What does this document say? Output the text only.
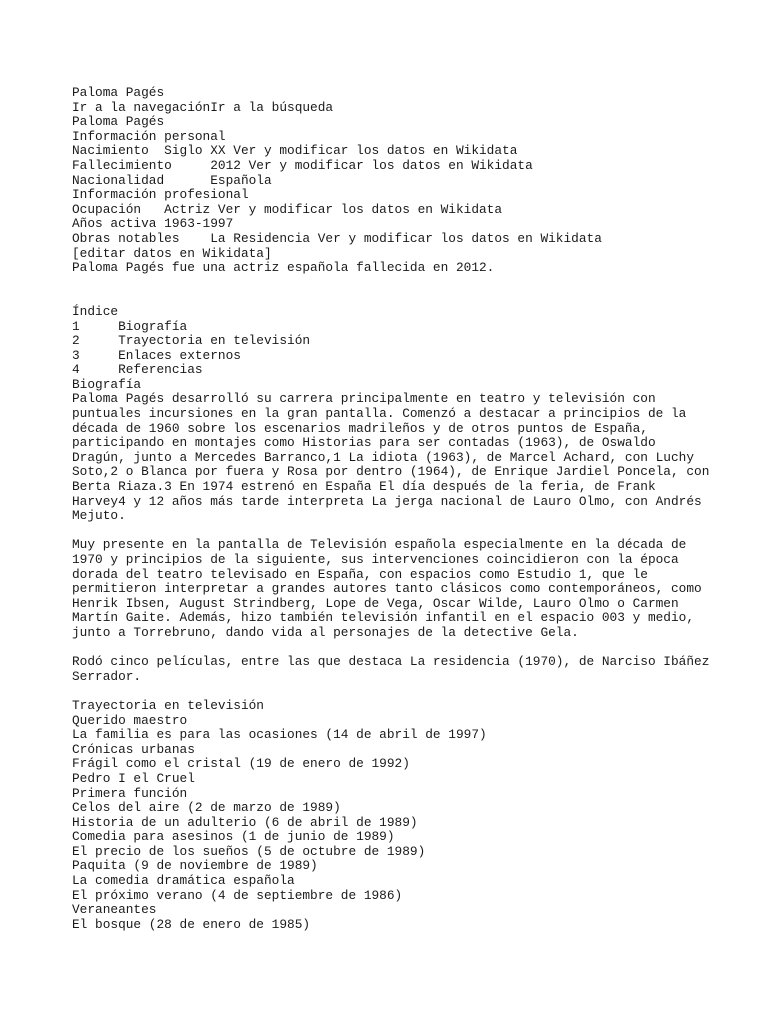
Paloma Pagés
Ir a la navegaciónIr a la búsqueda
Paloma Pagés
Información personal
Nacimiento  Siglo XX Ver y modificar los datos en Wikidata
Fallecimiento     2012 Ver y modificar los datos en Wikidata
Nacionalidad      Española
Información profesional
Ocupación   Actriz Ver y modificar los datos en Wikidata
Años activa 1963-1997
Obras notables    La Residencia Ver y modificar los datos en Wikidata
[editar datos en Wikidata]
Paloma Pagés fue una actriz española fallecida en 2012.
Índice
1     Biografía
2     Trayectoria en televisión
3     Enlaces externos
4     Referencias
Biografía
Paloma Pagés desarrolló su carrera principalmente en teatro y televisión con
puntuales incursiones en la gran pantalla. Comenzó a destacar a principios de la
década de 1960 sobre los escenarios madrileños y de otros puntos de España,
participando en montajes como Historias para ser contadas (1963), de Oswaldo
Dragún, junto a Mercedes Barranco,1 La idiota (1963), de Marcel Achard, con Luchy
Soto,2 o Blanca por fuera y Rosa por dentro (1964), de Enrique Jardiel Poncela, con
Berta Riaza.3 En 1974 estrenó en España El día después de la feria, de Frank
Harvey4 y 12 años más tarde interpreta La jerga nacional de Lauro Olmo, con Andrés
Mejuto.
Muy presente en la pantalla de Televisión española especialmente en la década de
1970 y principios de la siguiente, sus intervenciones coincidieron con la época
dorada del teatro televisado en España, con espacios como Estudio 1, que le
permitieron interpretar a grandes autores tanto clásicos como contemporáneos, como
Henrik Ibsen, August Strindberg, Lope de Vega, Oscar Wilde, Lauro Olmo o Carmen
Martín Gaite. Además, hizo también televisión infantil en el espacio 003 y medio,
junto a Torrebruno, dando vida al personajes de la detective Gela.
Rodó cinco películas, entre las que destaca La residencia (1970), de Narciso Ibáñez
Serrador.
Trayectoria en televisión
Querido maestro
La familia es para las ocasiones (14 de abril de 1997)
Crónicas urbanas
Frágil como el cristal (19 de enero de 1992)
Pedro I el Cruel
Primera función
Celos del aire (2 de marzo de 1989)
Historia de un adulterio (6 de abril de 1989)
Comedia para asesinos (1 de junio de 1989)
El precio de los sueños (5 de octubre de 1989)
Paquita (9 de noviembre de 1989)
La comedia dramática española
El próximo verano (4 de septiembre de 1986)
Veraneantes
El bosque (28 de enero de 1985)
